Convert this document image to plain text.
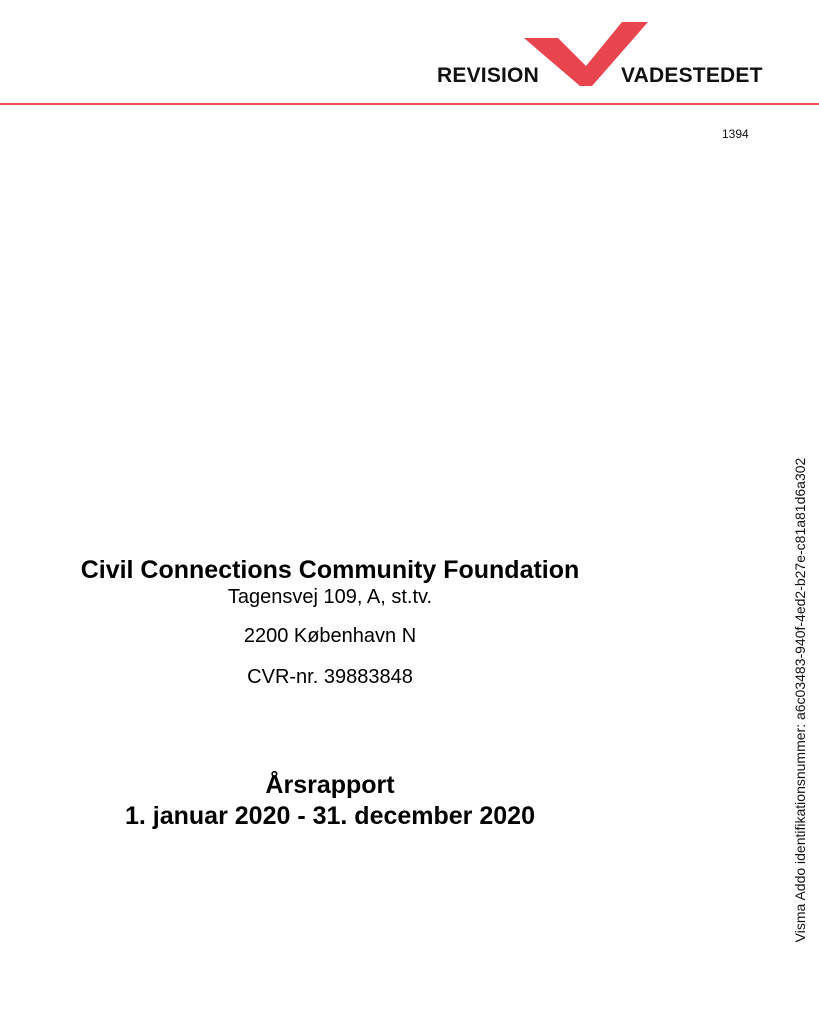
REVISION	VADESTEDET
1394

Civil Connections Community Foundation

Tagensvej 109, A, st.tv.

2200 København N

CVR-nr. 39883848

Årsrapport

1. januar 2020 - 31. december 2020	Visma Addo identifikationsnummer: a6c03483-940f-4ed2-b27e-c81a81d6a302
